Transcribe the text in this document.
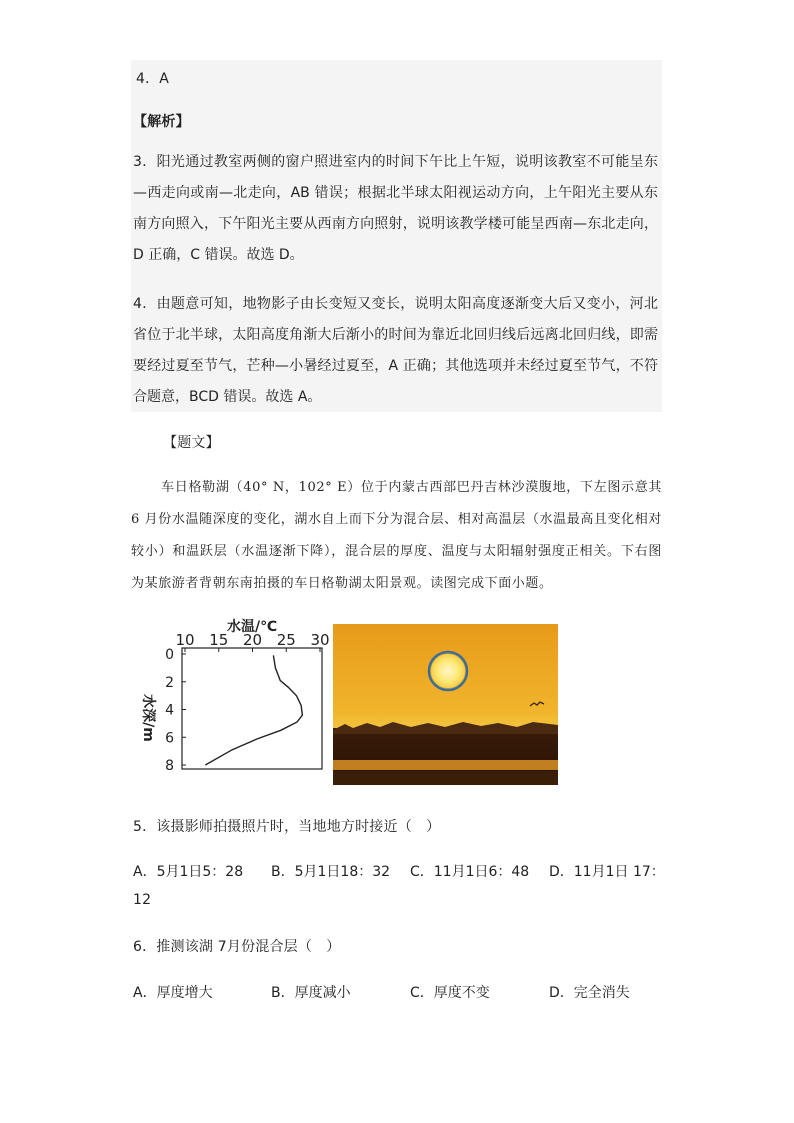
4．A
【解析】
3．阳光通过教室两侧的窗户照进室内的时间下午比上午短，说明该教室不可能呈东—西走向或南—北走向，AB 错误；根据北半球太阳视运动方向，上午阳光主要从东南方向照入，下午阳光主要从西南方向照射，说明该教学楼可能呈西南—东北走向，D 正确，C 错误。故选 D。
4．由题意可知，地物影子由长变短又变长，说明太阳高度逐渐变大后又变小，河北省位于北半球，太阳高度角渐大后渐小的时间为靠近北回归线后远离北回归线，即需要经过夏至节气，芒种—小暑经过夏至，A 正确；其他选项并未经过夏至节气，不符合题意，BCD 错误。故选 A。
【题文】
车日格勒湖（40° N，102° E）位于内蒙古西部巴丹吉林沙漠腹地，下左图示意其 6 月份水温随深度的变化，湖水自上而下分为混合层、相对高温层（水温最高且变化相对较小）和温跃层（水温逐渐下降），混合层的厚度、温度与太阳辐射强度正相关。下右图为某旅游者背朝东南拍摄的车日格勒湖太阳景观。读图完成下面小题。
10 15 20 25 30
0
2
4
6
8
水温/℃
水深/m
5．该摄影师拍摄照片时，当地地方时接近（　）
A．5月1日5：28 B．5月1日18：32 C．11月1日6：48 D．11月1日 17：
12
6．推测该湖 7月份混合层（　）
A．厚度增大	B．厚度减小	C．厚度不变	D．完全消失
